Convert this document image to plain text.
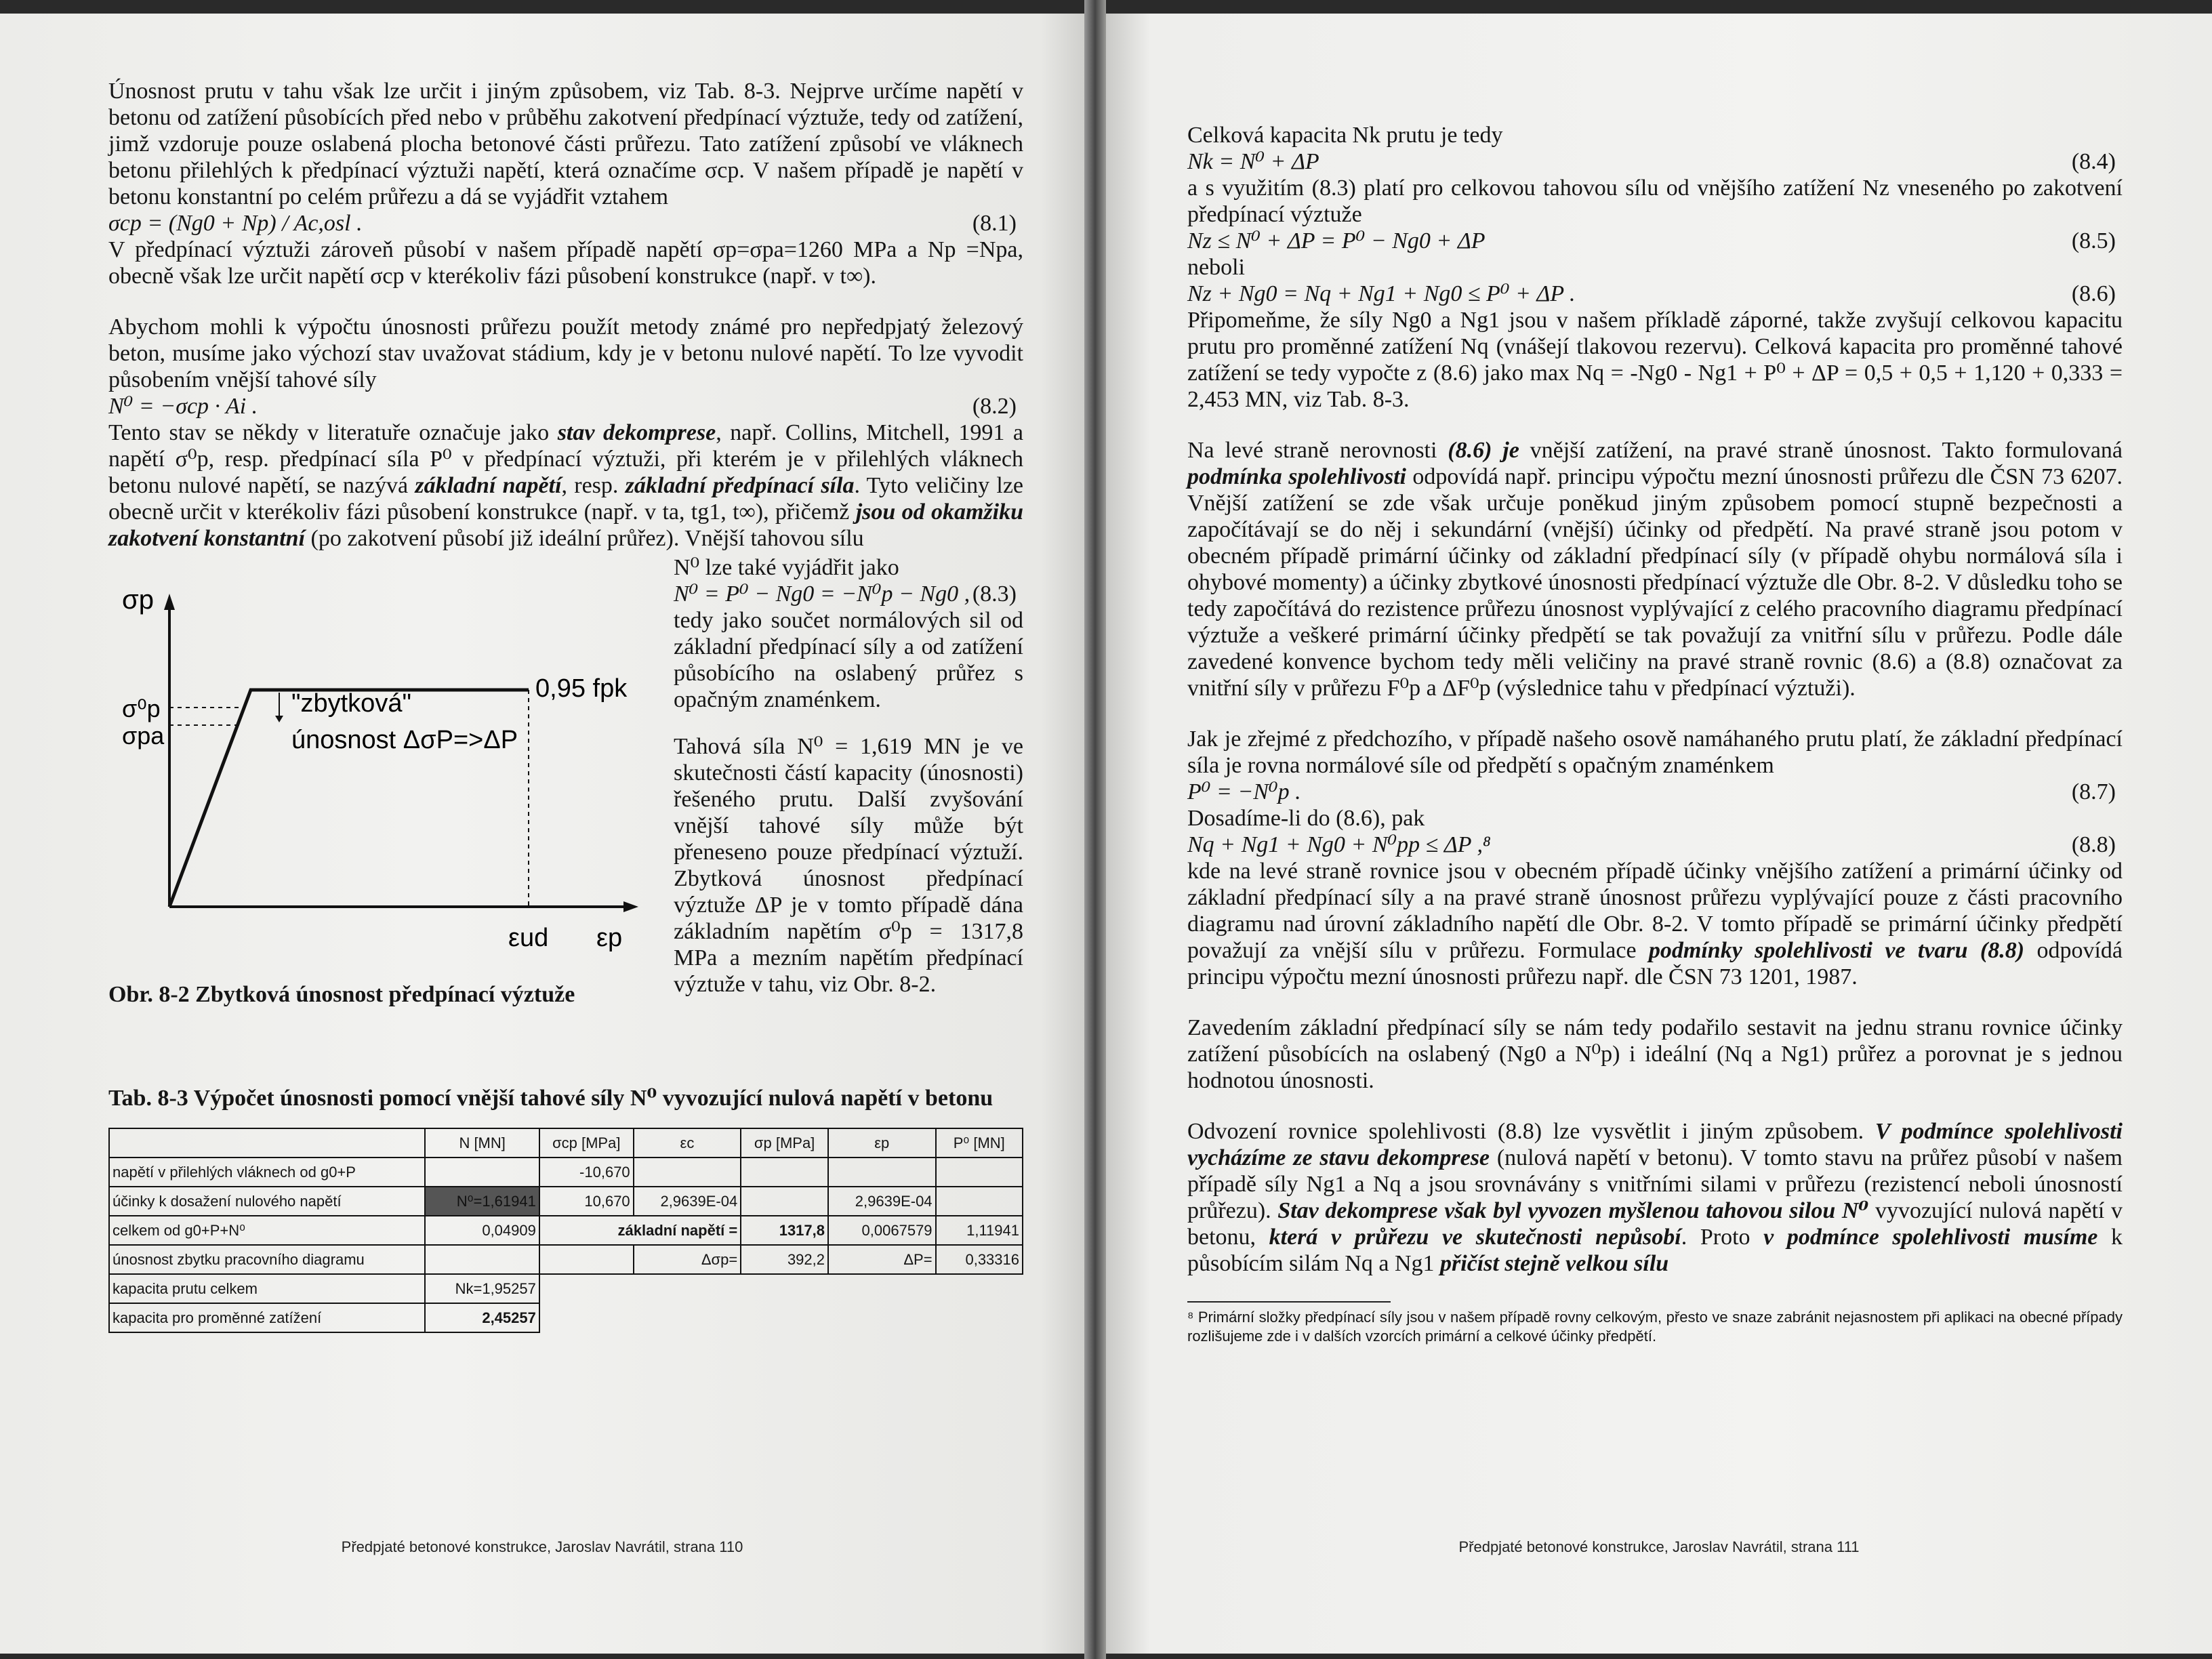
Únosnost prutu v tahu však lze určit i jiným způsobem, viz Tab. 8-3. Nejprve určíme napětí v betonu od zatížení působících před nebo v průběhu zakotvení předpínací výztuže, tedy od zatížení, jimž vzdoruje pouze oslabená plocha betonové části průřezu. Tato zatížení způsobí ve vláknech betonu přilehlých k předpínací výztuži napětí, která označíme σcp. V našem případě je napětí v betonu konstantní po celém průřezu a dá se vyjádřit vztahem

σcp = (Ng0 + Np) / Ac,osl .	(8.1)

V předpínací výztuži zároveň působí v našem případě napětí σp=σpa=1260 MPa a Np =Npa, obecně však lze určit napětí σcp v kterékoliv fázi působení konstrukce (např. v t∞).

Abychom mohli k výpočtu únosnosti průřezu použít metody známé pro nepředpjatý železový beton, musíme jako výchozí stav uvažovat stádium, kdy je v betonu nulové napětí. To lze vyvodit působením vnější tahové síly

N⁰ = −σcp · Ai .	(8.2)

Tento stav se někdy v literatuře označuje jako stav dekomprese, např. Collins, Mitchell, 1991 a napětí σ⁰p, resp. předpínací síla P⁰ v předpínací výztuži, při kterém je v přilehlých vláknech betonu nulové napětí, se nazývá základní napětí, resp. základní předpínací síla. Tyto veličiny lze obecně určit v kterékoliv fázi působení konstrukce (např. v ta, tg1, t∞), přičemž jsou od okamžiku zakotvení konstantní (po zakotvení působí již ideální průřez). Vnější tahovou sílu

σp
σ⁰p
σpa
0,95 fpk
"zbytková"
únosnost ΔσP=>ΔP
εud εp
Obr. 8-2 Zbytková únosnost předpínací výztuže

N⁰ lze také vyjádřit jako

N⁰ = P⁰ − Ng0 = −N⁰p − Ng0 , (8.3)

tedy jako součet normálových sil od základní předpínací síly a od zatížení působícího na oslabený průřez s opačným znaménkem.

Tahová síla N⁰ = 1,619 MN je ve skutečnosti částí kapacity (únosnosti) řešeného prutu. Další zvyšování vnější tahové síly může být přeneseno pouze předpínací výztuží. Zbytková únosnost předpínací výztuže ΔP je v tomto případě dána základním napětím σ⁰p = 1317,8 MPa a mezním napětím předpínací výztuže v tahu, viz Obr. 8-2.

Tab. 8-3 Výpočet únosnosti pomocí vnější tahové síly N⁰ vyvozující nulová napětí v betonu
	N [MN]	σcp [MPa]	εc	σp [MPa]	εp	P⁰ [MN]
napětí v přilehlých vláknech od g0+P		-10,670				
účinky k dosažení nulového napětí	N⁰=1,61941	10,670	2,9639E-04		2,9639E-04	
celkem od g0+P+N⁰	0,04909	základní napětí =		1317,8	0,0067579	1,11941
únosnost zbytku pracovního diagramu			Δσp=	392,2	ΔP=	0,33316
kapacita prutu celkem	Nk=1,95257					
kapacita pro proměnné zatížení	2,45257					
Předpjaté betonové konstrukce, Jaroslav Navrátil, strana 110

Celková kapacita Nk prutu je tedy

Nk = N⁰ + ΔP	(8.4)

a s využitím (8.3) platí pro celkovou tahovou sílu od vnějšího zatížení Nz vneseného po zakotvení předpínací výztuže

Nz ≤ N⁰ + ΔP = P⁰ − Ng0 + ΔP	(8.5)

neboli

Nz + Ng0 = Nq + Ng1 + Ng0 ≤ P⁰ + ΔP .	(8.6)

Připomeňme, že síly Ng0 a Ng1 jsou v našem příkladě záporné, takže zvyšují celkovou kapacitu prutu pro proměnné zatížení Nq (vnášejí tlakovou rezervu). Celková kapacita pro proměnné tahové zatížení se tedy vypočte z (8.6) jako max Nq = -Ng0 - Ng1 + P⁰ + ΔP = 0,5 + 0,5 + 1,120 + 0,333 = 2,453 MN, viz Tab. 8-3.

Na levé straně nerovnosti (8.6) je vnější zatížení, na pravé straně únosnost. Takto formulovaná podmínka spolehlivosti odpovídá např. principu výpočtu mezní únosnosti průřezu dle ČSN 73 6207. Vnější zatížení se zde však určuje poněkud jiným způsobem pomocí stupně bezpečnosti a započítávají se do něj i sekundární (vnější) účinky od předpětí. Na pravé straně jsou potom v obecném případě primární účinky od základní předpínací síly (v případě ohybu normálová síla i ohybové momenty) a účinky zbytkové únosnosti předpínací výztuže dle Obr. 8-2. V důsledku toho se tedy započítává do rezistence průřezu únosnost vyplývající z celého pracovního diagramu předpínací výztuže a veškeré primární účinky předpětí se tak považují za vnitřní sílu v průřezu. Podle dále zavedené konvence bychom tedy měli veličiny na pravé straně rovnic (8.6) a (8.8) označovat za vnitřní síly v průřezu F⁰p a ΔF⁰p (výslednice tahu v předpínací výztuži).

Jak je zřejmé z předchozího, v případě našeho osově namáhaného prutu platí, že základní předpínací síla je rovna normálové síle od předpětí s opačným znaménkem

P⁰ = −N⁰p .	(8.7)

Dosadíme-li do (8.6), pak

Nq + Ng1 + Ng0 + N⁰pp ≤ ΔP ,⁸	(8.8)

kde na levé straně rovnice jsou v obecném případě účinky vnějšího zatížení a primární účinky od základní předpínací síly a na pravé straně únosnost průřezu vyplývající pouze z části pracovního diagramu nad úrovní základního napětí dle Obr. 8-2. V tomto případě se primární účinky předpětí považují za vnější sílu v průřezu. Formulace podmínky spolehlivosti ve tvaru (8.8) odpovídá principu výpočtu mezní únosnosti průřezu např. dle ČSN 73 1201, 1987.

Zavedením základní předpínací síly se nám tedy podařilo sestavit na jednu stranu rovnice účinky zatížení působících na oslabený (Ng0 a N⁰p) i ideální (Nq a Ng1) průřez a porovnat je s jednou hodnotou únosnosti.

Odvození rovnice spolehlivosti (8.8) lze vysvětlit i jiným způsobem. V podmínce spolehlivosti vycházíme ze stavu dekomprese (nulová napětí v betonu). V tomto stavu na průřez působí v našem případě síly Ng1 a Nq a jsou srovnávány s vnitřními silami v průřezu (rezistencí neboli únosností průřezu). Stav dekomprese však byl vyvozen myšlenou tahovou silou N⁰ vyvozující nulová napětí v betonu, která v průřezu ve skutečnosti nepůsobí. Proto v podmínce spolehlivosti musíme k působícím silám Nq a Ng1 přičíst stejně velkou sílu

⁸ Primární složky předpínací síly jsou v našem případě rovny celkovým, přesto ve snaze zabránit nejasnostem při aplikaci na obecné případy rozlišujeme zde i v dalších vzorcích primární a celkové účinky předpětí.

Předpjaté betonové konstrukce, Jaroslav Navrátil, strana 111
